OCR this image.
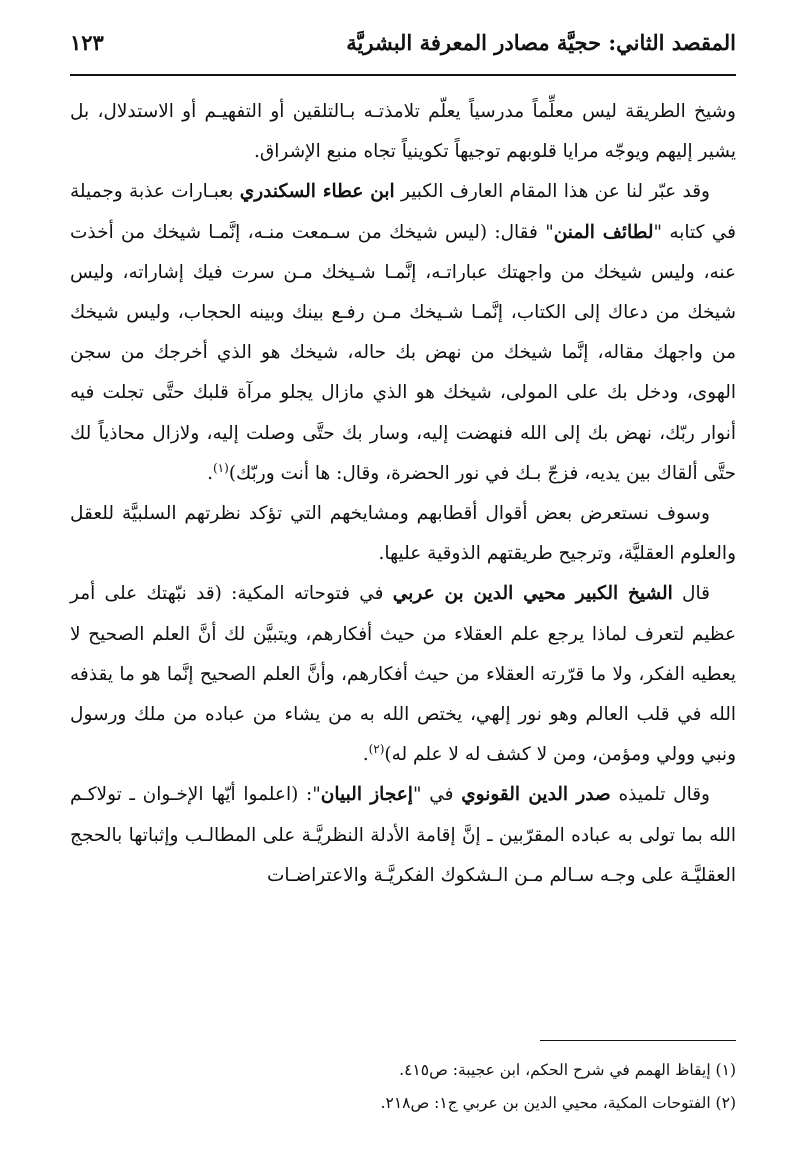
المقصد الثاني: حجيَّة مصادر المعرفة البشريَّة
١٢٣

وشيخ الطريقة ليس معلِّماً مدرسياً يعلّم تلامذتـه بـالتلقين أو التفهيـم أو الاستدلال، بل يشير إليهم ويوجّه مرايا قلوبهم توجيهاً تكوينياً تجاه منبع الإشراق.

وقد عبّر لنا عن هذا المقام العارف الكبير ابن عطاء السكندري بعبـارات عذبة وجميلة في كتابه "لطائف المنن" فقال: (ليس شيخك من سـمعت منـه، إنَّمـا شيخك من أخذت عنه، وليس شيخك من واجهتك عباراتـه، إنَّمـا شـيخك مـن سرت فيك إشاراته، وليس شيخك من دعاك إلى الكتاب، إنَّمـا شـيخك مـن رفـع بينك وبينه الحجاب، وليس شيخك من واجهك مقاله، إنَّما شيخك من نهض بك حاله، شيخك هو الذي أخرجك من سجن الهوى، ودخل بك على المولى، شيخك هو الذي مازال يجلو مرآة قلبك حتَّى تجلت فيه أنوار ربّك، نهض بك إلى الله فنهضت إليه، وسار بك حتَّى وصلت إليه، ولازال محاذياً لك حتَّى ألقاك بين يديه، فزجّ بـك في نور الحضرة، وقال: ها أنت وربّك)$^{(١)}$.

وسوف نستعرض بعض أقوال أقطابهم ومشايخهم التي تؤكد نظرتهم السلبيَّة للعقل والعلوم العقليَّة، وترجيح طريقتهم الذوقية عليها.

قال الشيخ الكبير محيي الدين بن عربي في فتوحاته المكية: (قد نبّهتك على أمر عظيم لتعرف لماذا يرجع علم العقلاء من حيث أفكارهم، ويتبيَّن لك أنَّ العلم الصحيح لا يعطيه الفكر، ولا ما قرّرته العقلاء من حيث أفكارهم، وأنَّ العلم الصحيح إنَّما هو ما يقذفه الله في قلب العالم وهو نور إلهي، يختص الله به من يشاء من عباده من ملك ورسول ونبي وولي ومؤمن، ومن لا كشف له لا علم له)$^{(٢)}$.

وقال تلميذه صدر الدين القونوي في "إعجاز البيان": (اعلموا أيّها الإخـوان ـ تولاكـم الله بما تولى به عباده المقرّبين ـ إنَّ إقامة الأدلة النظريَّـة على المطالـب وإثباتها بالحجج العقليَّـة على وجـه سـالم مـن الـشكوك الفكريَّـة والاعتراضـات

(١) إيقاظ الهمم في شرح الحكم، ابن عجيبة: ص٤١٥.
(٢) الفتوحات المكية، محيي الدين بن عربي ج١: ص٢١٨.
